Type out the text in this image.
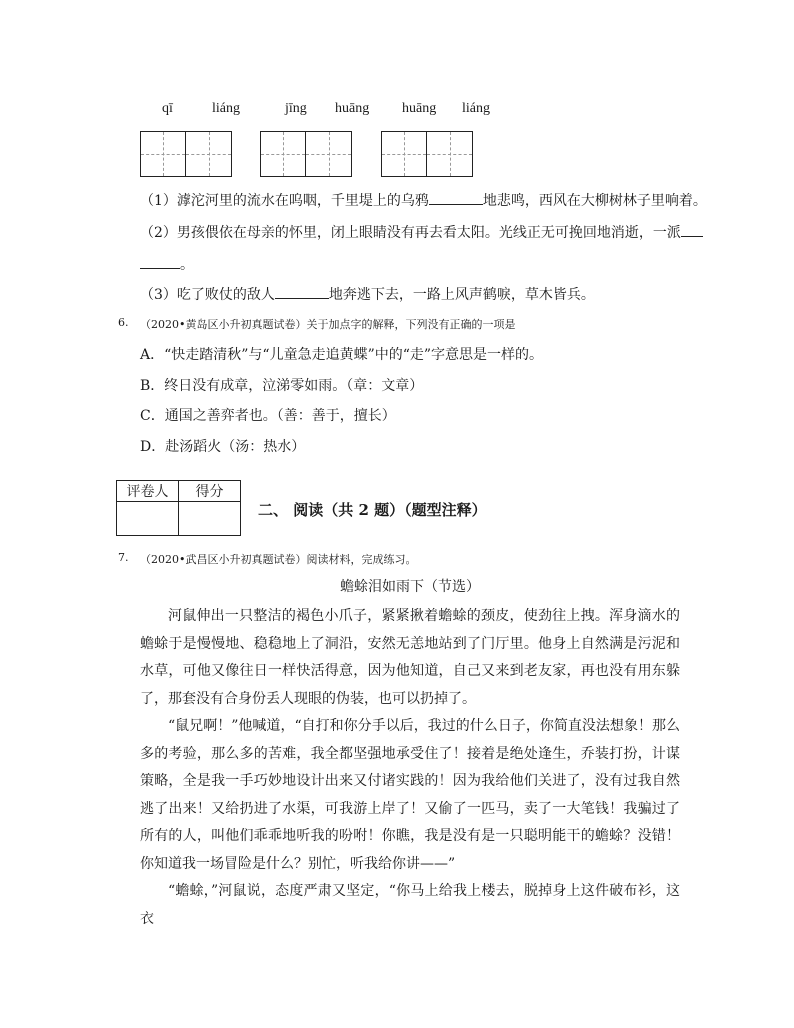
qī	liáng	jīng huāng huāng liáng
（1）滹沱河里的流水在呜咽，千里堤上的乌鸦	地悲鸣，西风在大柳树林子里响着。
（2）男孩偎依在母亲的怀里，闭上眼睛没有再去看太阳。光线正无可挽回地消逝，一派
。
（3）吃了败仗的敌人	地奔逃下去，一路上风声鹤唳，草木皆兵。
6. （2020•黄岛区小升初真题试卷）关于加点字的解释，下列没有正确的一项是
A．“快走踏清秋”与“儿童急走追黄蝶”中的“走”字意思是一样的。
B．终日没有成章，泣涕零如雨。（章：文章）
C．通国之善弈者也。（善：善于，擅长）
D．赴汤蹈火（汤：热水）
评卷人	得分

二、 阅读（共 2 题）（题型注释）
7. （2020•武昌区小升初真题试卷）阅读材料，完成练习。
蟾蜍泪如雨下（节选）

河鼠伸出一只整洁的褐色小爪子，紧紧揪着蟾蜍的颈皮，使劲往上拽。浑身滴水的蟾蜍于是慢慢地、稳稳地上了洞沿，安然无恙地站到了门厅里。他身上自然满是污泥和水草，可他又像往日一样快活得意，因为他知道，自己又来到老友家，再也没有用东躲了，那套没有合身份丢人现眼的伪装，也可以扔掉了。

“鼠兄啊！”他喊道，“自打和你分手以后，我过的什么日子，你简直没法想象！那么多的考验，那么多的苦难，我全都坚强地承受住了！接着是绝处逢生，乔装打扮，计谋策略，全是我一手巧妙地设计出来又付诸实践的！因为我给他们关进了，没有过我自然逃了出来！又给扔进了水渠，可我游上岸了！又偷了一匹马，卖了一大笔钱！我骗过了所有的人，叫他们乖乖地听我的吩咐！你瞧，我是没有是一只聪明能干的蟾蜍？没错！你知道我一场冒险是什么？别忙，听我给你讲——”

“蟾蜍，”河鼠说，态度严肃又坚定，“你马上给我上楼去，脱掉身上这件破布衫，这衣
